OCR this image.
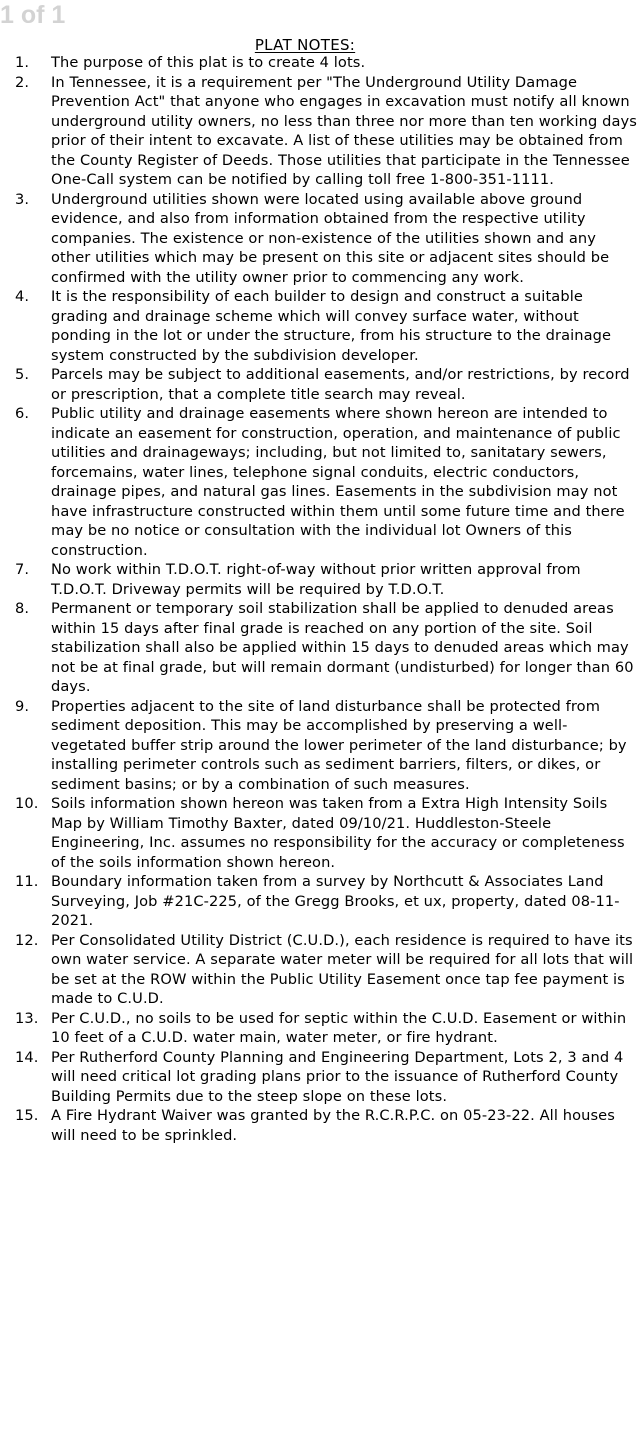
1 of 1
PLAT NOTES:
1.	The purpose of this plat is to create 4 lots.
2.	In Tennessee, it is a requirement per "The Underground Utility Damage Prevention Act" that anyone who engages in excavation must notify all known underground utility owners, no less than three nor more than ten working days prior of their intent to excavate. A list of these utilities may be obtained from the County Register of Deeds. Those utilities that participate in the Tennessee One-Call system can be notified by calling toll free 1-800-351-1111.
3.	Underground utilities shown were located using available above ground evidence, and also from information obtained from the respective utility companies. The existence or non-existence of the utilities shown and any other utilities which may be present on this site or adjacent sites should be confirmed with the utility owner prior to commencing any work.
4.	It is the responsibility of each builder to design and construct a suitable grading and drainage scheme which will convey surface water, without ponding in the lot or under the structure, from his structure to the drainage system constructed by the subdivision developer.
5.	Parcels may be subject to additional easements, and/or restrictions, by record or prescription, that a complete title search may reveal.
6.	Public utility and drainage easements where shown hereon are intended to indicate an easement for construction, operation, and maintenance of public utilities and drainageways; including, but not limited to, sanitatary sewers, forcemains, water lines, telephone signal conduits, electric conductors, drainage pipes, and natural gas lines. Easements in the subdivision may not have infrastructure constructed within them until some future time and there may be no notice or consultation with the individual lot Owners of this construction.
7.	No work within T.D.O.T. right-of-way without prior written approval from T.D.O.T. Driveway permits will be required by T.D.O.T.
8.	Permanent or temporary soil stabilization shall be applied to denuded areas within 15 days after final grade is reached on any portion of the site. Soil stabilization shall also be applied within 15 days to denuded areas which may not be at final grade, but will remain dormant (undisturbed) for longer than 60 days.
9.	Properties adjacent to the site of land disturbance shall be protected from sediment deposition. This may be accomplished by preserving a well-vegetated buffer strip around the lower perimeter of the land disturbance; by installing perimeter controls such as sediment barriers, filters, or dikes, or sediment basins; or by a combination of such measures.
10. Soils information shown hereon was taken from a Extra High Intensity Soils Map by William Timothy Baxter, dated 09/10/21. Huddleston-Steele Engineering, Inc. assumes no responsibility for the accuracy or completeness of the soils information shown hereon.
11. Boundary information taken from a survey by Northcutt & Associates Land Surveying, Job #21C-225, of the Gregg Brooks, et ux, property, dated 08-11-2021.
12. Per Consolidated Utility District (C.U.D.), each residence is required to have its own water service. A separate water meter will be required for all lots that will be set at the ROW within the Public Utility Easement once tap fee payment is made to C.U.D.
13. Per C.U.D., no soils to be used for septic within the C.U.D. Easement or within 10 feet of a C.U.D. water main, water meter, or fire hydrant.
14. Per Rutherford County Planning and Engineering Department, Lots 2, 3 and 4 will need critical lot grading plans prior to the issuance of Rutherford County Building Permits due to the steep slope on these lots.
15. A Fire Hydrant Waiver was granted by the R.C.R.P.C. on 05-23-22. All houses will need to be sprinkled.
